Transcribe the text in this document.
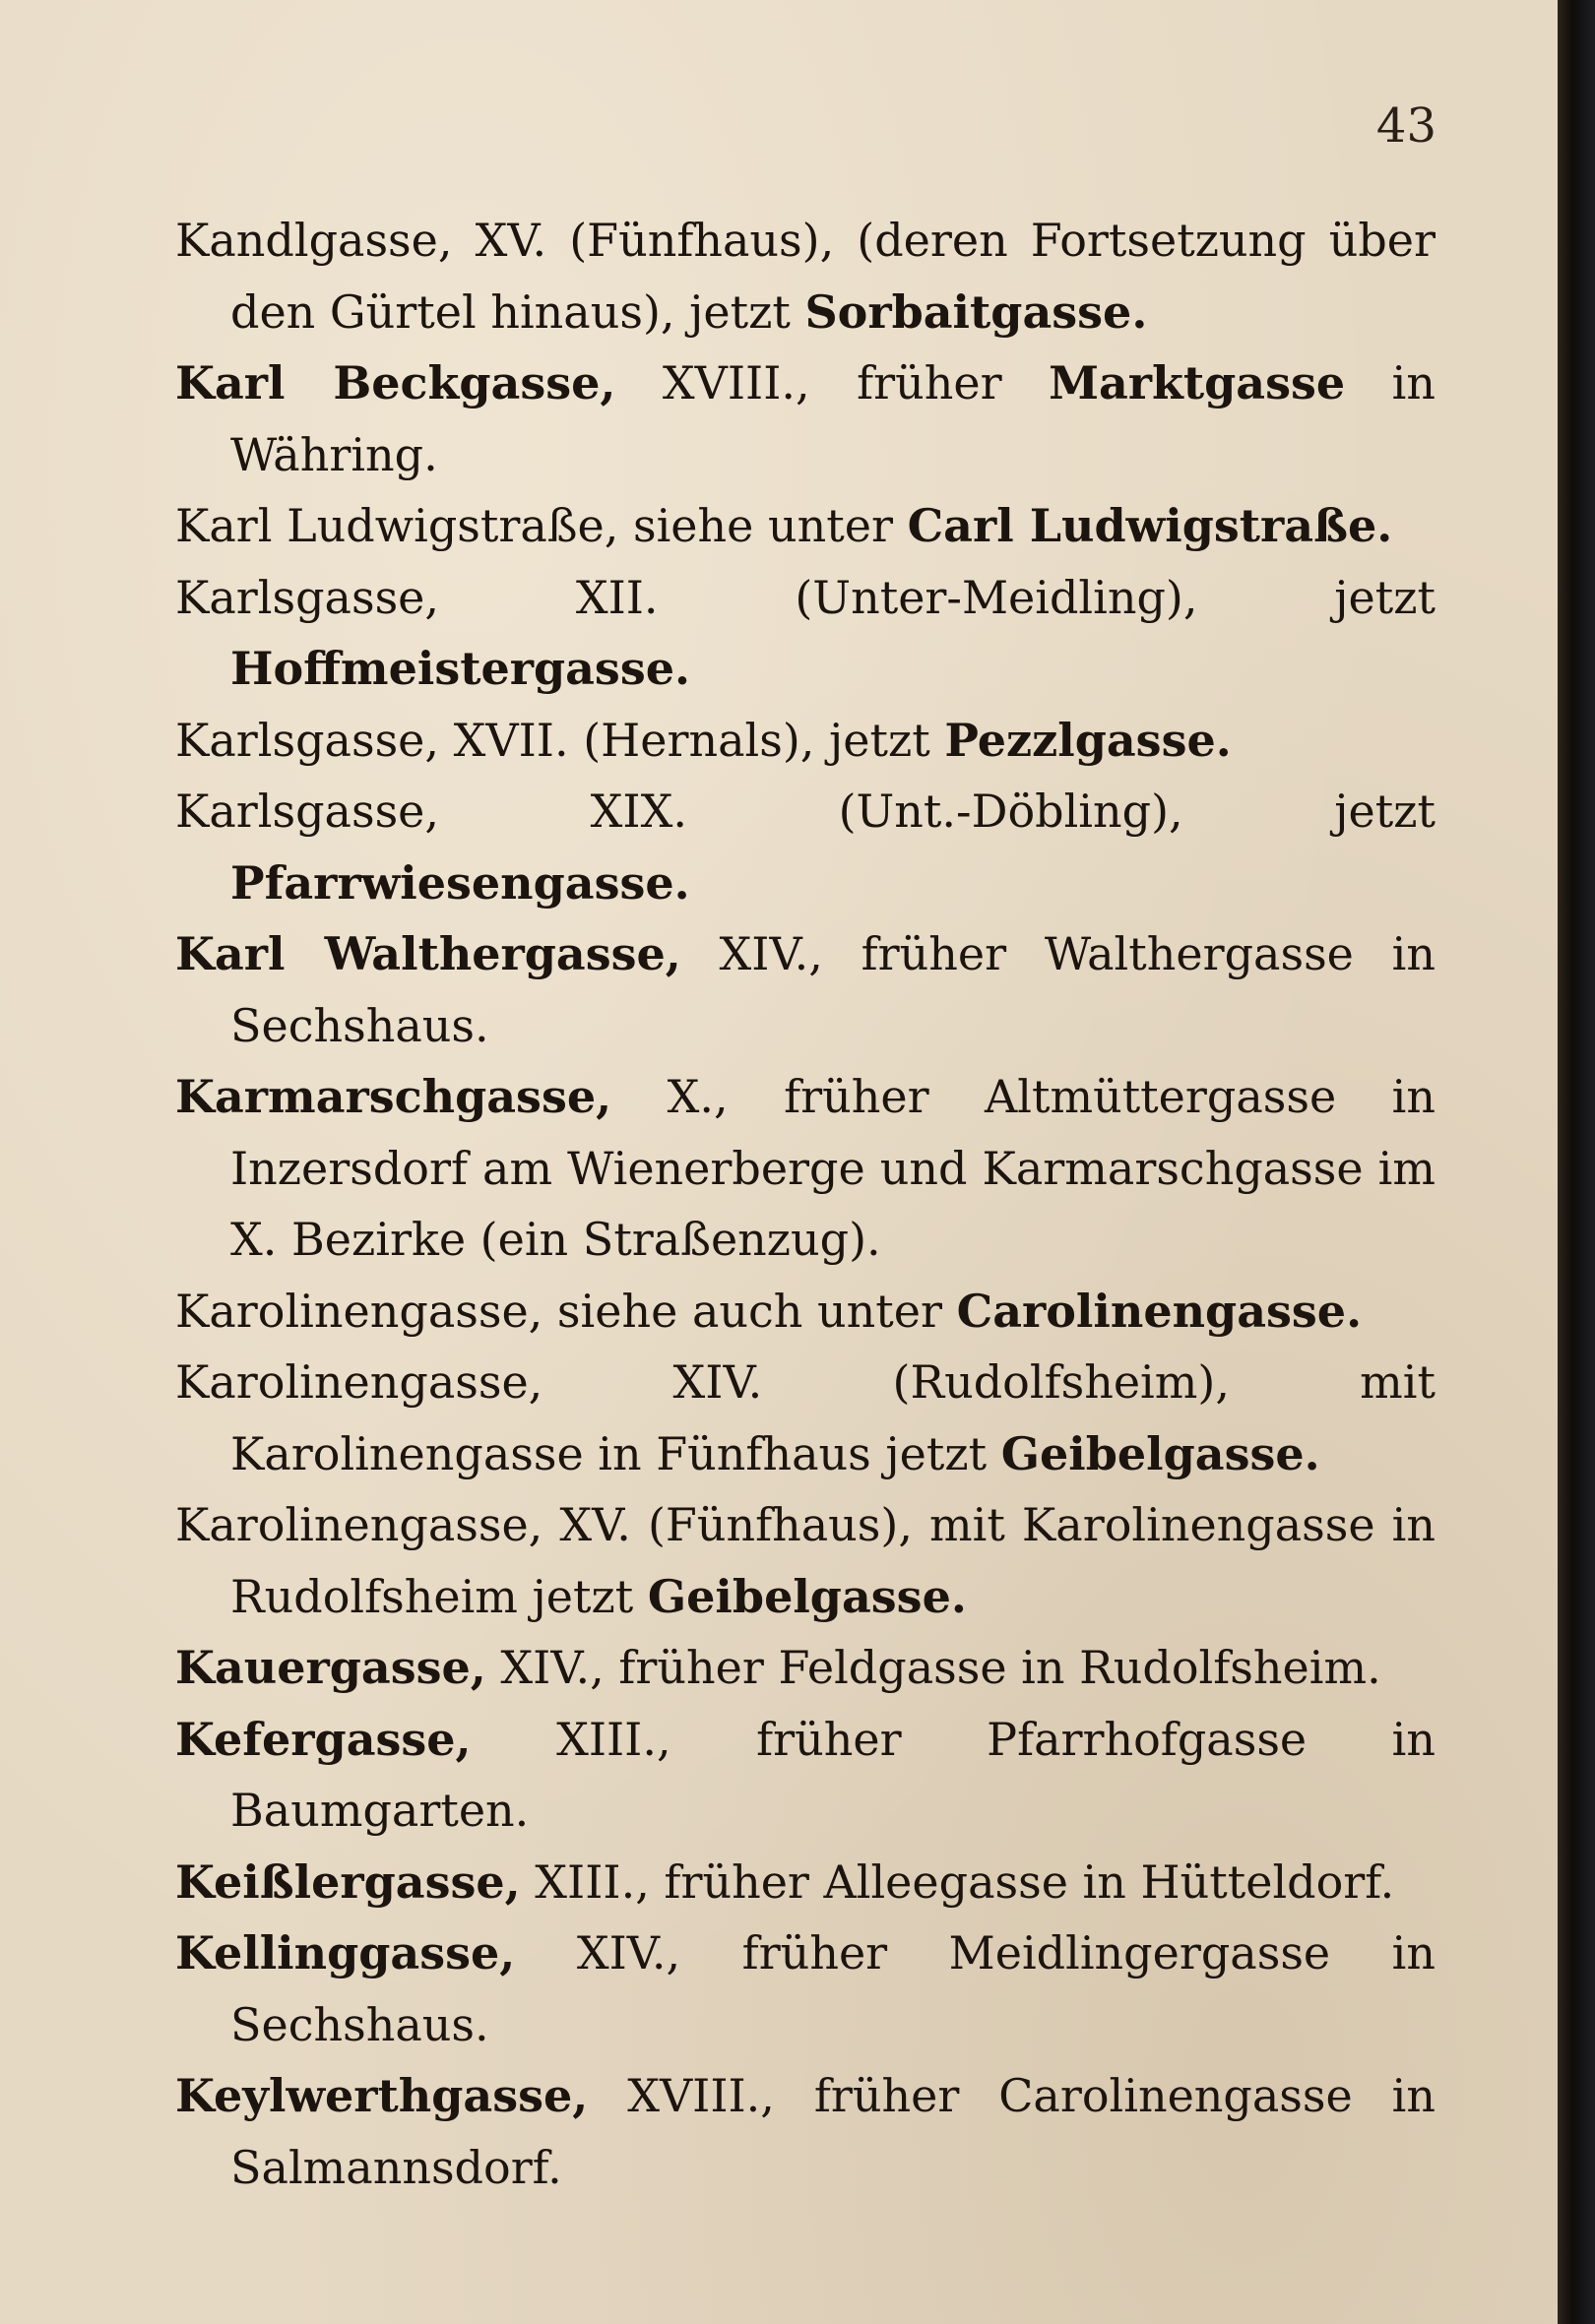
43

Kandlgasse, XV. (Fünfhaus), (deren Fortsetzung über den Gürtel hinaus), jetzt Sorbaitgasse.

Karl Beckgasse, XVIII., früher Marktgasse in Währing.

Karl Ludwigstraße, siehe unter Carl Ludwigstraße.

Karlsgasse, XII. (Unter-Meidling), jetzt Hoffmeistergasse.

Karlsgasse, XVII. (Hernals), jetzt Pezzlgasse.

Karlsgasse, XIX. (Unt.-Döbling), jetzt Pfarrwiesengasse.

Karl Walthergasse, XIV., früher Walthergasse in Sechshaus.

Karmarschgasse, X., früher Altmüttergasse in Inzersdorf am Wienerberge und Karmarschgasse im X. Bezirke (ein Straßenzug).

Karolinengasse, siehe auch unter Carolinengasse.

Karolinengasse, XIV. (Rudolfsheim), mit Karolinengasse in Fünfhaus jetzt Geibelgasse.

Karolinengasse, XV. (Fünfhaus), mit Karolinengasse in Rudolfsheim jetzt Geibelgasse.

Kauergasse, XIV., früher Feldgasse in Rudolfsheim.

Kefergasse, XIII., früher Pfarrhofgasse in Baumgarten.

Keißlergasse, XIII., früher Alleegasse in Hütteldorf.

Kellinggasse, XIV., früher Meidlingergasse in Sechshaus.

Keylwerthgasse, XVIII., früher Carolinengasse in Salmannsdorf.
